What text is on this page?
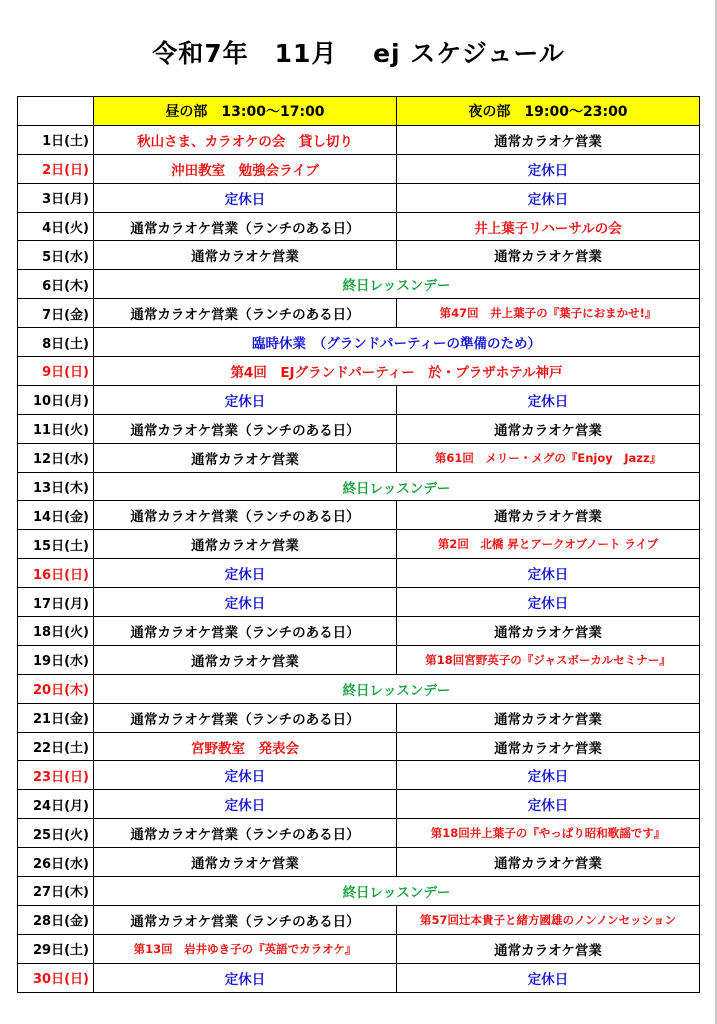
令和7年　11月　 ej スケジュール
	昼の部　13:00～17:00	夜の部　19:00～23:00
1日(土)	秋山さま、カラオケの会　貸し切り	通常カラオケ営業
2日(日)	沖田教室　勉強会ライブ	定休日
3日(月)	定休日	定休日
4日(火)	通常カラオケ営業（ランチのある日）	井上葉子リハーサルの会
5日(水)	通常カラオケ営業	通常カラオケ営業
6日(木)	終日レッスンデー	
7日(金)	通常カラオケ営業（ランチのある日）	第47回　井上葉子の『葉子におまかせ!』
8日(土)	臨時休業　（グランドパーティーの準備のため）	
9日(日)	第4回　EJグランドパーティー　於・プラザホテル神戸	
10日(月)	定休日	定休日
11日(火)	通常カラオケ営業（ランチのある日）	通常カラオケ営業
12日(水)	通常カラオケ営業	第61回　メリー・メグの『Enjoy　Jazz』
13日(木)	終日レッスンデー	
14日(金)	通常カラオケ営業（ランチのある日）	通常カラオケ営業
15日(土)	通常カラオケ営業	第2回　北橋 昇とアークオブノート ライブ
16日(日)	定休日	定休日
17日(月)	定休日	定休日
18日(火)	通常カラオケ営業（ランチのある日）	通常カラオケ営業
19日(水)	通常カラオケ営業	第18回宮野英子の『ジャスボーカルセミナー』
20日(木)	終日レッスンデー	
21日(金)	通常カラオケ営業（ランチのある日）	通常カラオケ営業
22日(土)	宮野教室　発表会	通常カラオケ営業
23日(日)	定休日	定休日
24日(月)	定休日	定休日
25日(火)	通常カラオケ営業（ランチのある日）	第18回井上葉子の『やっぱり昭和歌謡です』
26日(水)	通常カラオケ営業	通常カラオケ営業
27日(木)	終日レッスンデー	
28日(金)	通常カラオケ営業（ランチのある日）	第57回辻本貴子と緒方國雄のノンノンセッション
29日(土)	第13回　岩井ゆき子の『英語でカラオケ』	通常カラオケ営業
30日(日)	定休日	定休日
